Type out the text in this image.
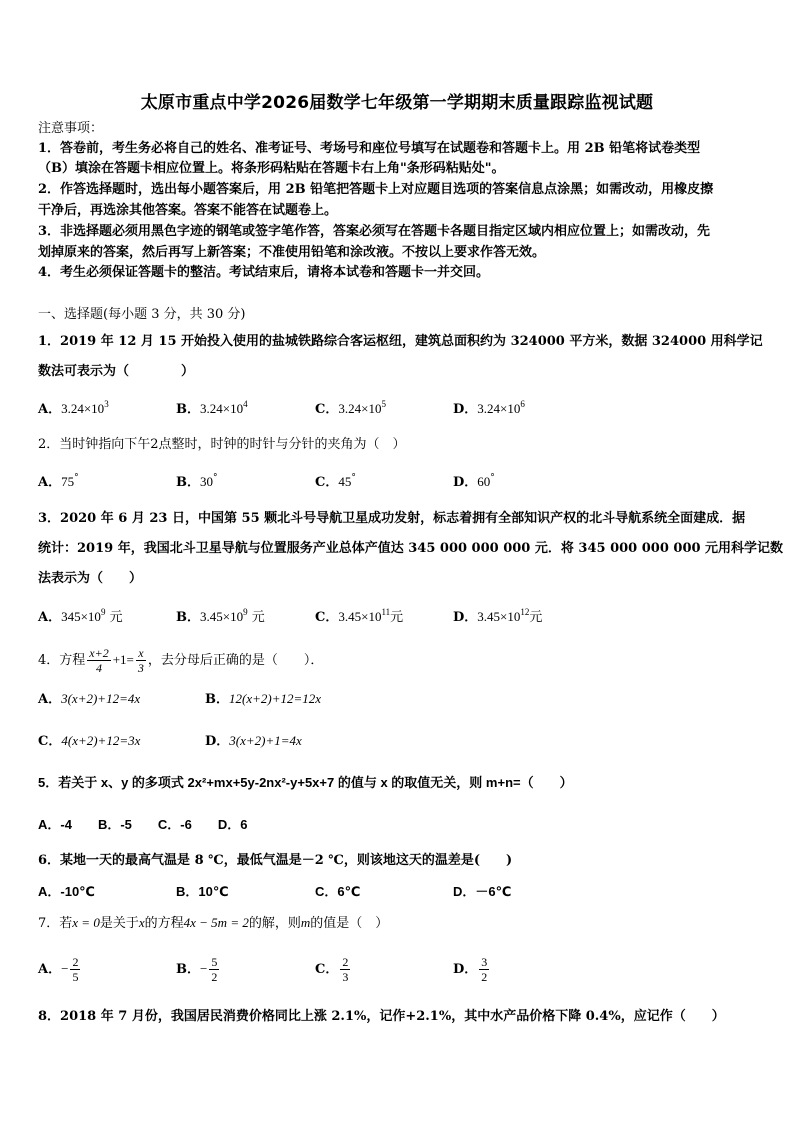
太原市重点中学2026届数学七年级第一学期期末质量跟踪监视试题
注意事项：
1．答卷前，考生务必将自己的姓名、准考证号、考场号和座位号填写在试题卷和答题卡上。用 2B 铅笔将试卷类型
（B）填涂在答题卡相应位置上。将条形码粘贴在答题卡右上角"条形码粘贴处"。
2．作答选择题时，选出每小题答案后，用 2B 铅笔把答题卡上对应题目选项的答案信息点涂黑；如需改动，用橡皮擦
干净后，再选涂其他答案。答案不能答在试题卷上。
3．非选择题必须用黑色字迹的钢笔或签字笔作答，答案必须写在答题卡各题目指定区域内相应位置上；如需改动，先
划掉原来的答案，然后再写上新答案；不准使用铅笔和涂改液。不按以上要求作答无效。
4．考生必须保证答题卡的整洁。考试结束后，请将本试卷和答题卡一并交回。
一、选择题(每小题 3 分，共 30 分)
1．2019 年 12 月 15 开始投入使用的盐城铁路综合客运枢纽，建筑总面积约为 324000 平方米，数据 324000 用科学记
数法可表示为（　　　　）
A．$3.24\times 10^3$	B．$3.24\times 10^4$	C．$3.24\times 10^5$	D．$3.24\times 10^6$
2．当时钟指向下午2点整时，时钟的时针与分针的夹角为（　）
A．75°	B．30°	C．45°	D．60°
3．2020 年 6 月 23 日，中国第 55 颗北斗号导航卫星成功发射，标志着拥有全部知识产权的北斗导航系统全面建成．据
统计：2019 年，我国北斗卫星导航与位置服务产业总体产值达 345 000 000 000 元．将 345 000 000 000 元用科学记数
法表示为（　　）
A．$345\times 10^9$ 元	B．$3.45\times 10^9$ 元	C．$3.45\times 10^{11}$元	D．$3.45\times 10^{12}$元
4．方程 $\frac{x+2}{4} +1= \frac{x}{3}$ ，去分母后正确的是（　　）．
A．3(x+2)+12=4x	B．12(x+2)+12=12x
C．4(x+2)+12=3x	D．3(x+2)+1=4x
5．若关于 x、y 的多项式 2x²+mx+5y-2nx²-y+5x+7 的值与 x 的取值无关，则 m+n=（　　）
A．-4　　B．-5　　C．-6　　D．6
6．某地一天的最高气温是 8 ℃，最低气温是－2 ℃，则该地这天的温差是(　　)
A．-10℃	B．10℃	C．6℃	D．－6℃
7．若x = 0是关于x的方程4x − 5m = 2的解，则m的值是（　）
A．− $\frac{2}{5}$	B．− $\frac{5}{2}$	C． $\frac{2}{3}$	D． $\frac{3}{2}$
8．2018 年 7 月份，我国居民消费价格同比上涨 2.1%，记作+2.1%，其中水产品价格下降 0.4%，应记作（　　）
